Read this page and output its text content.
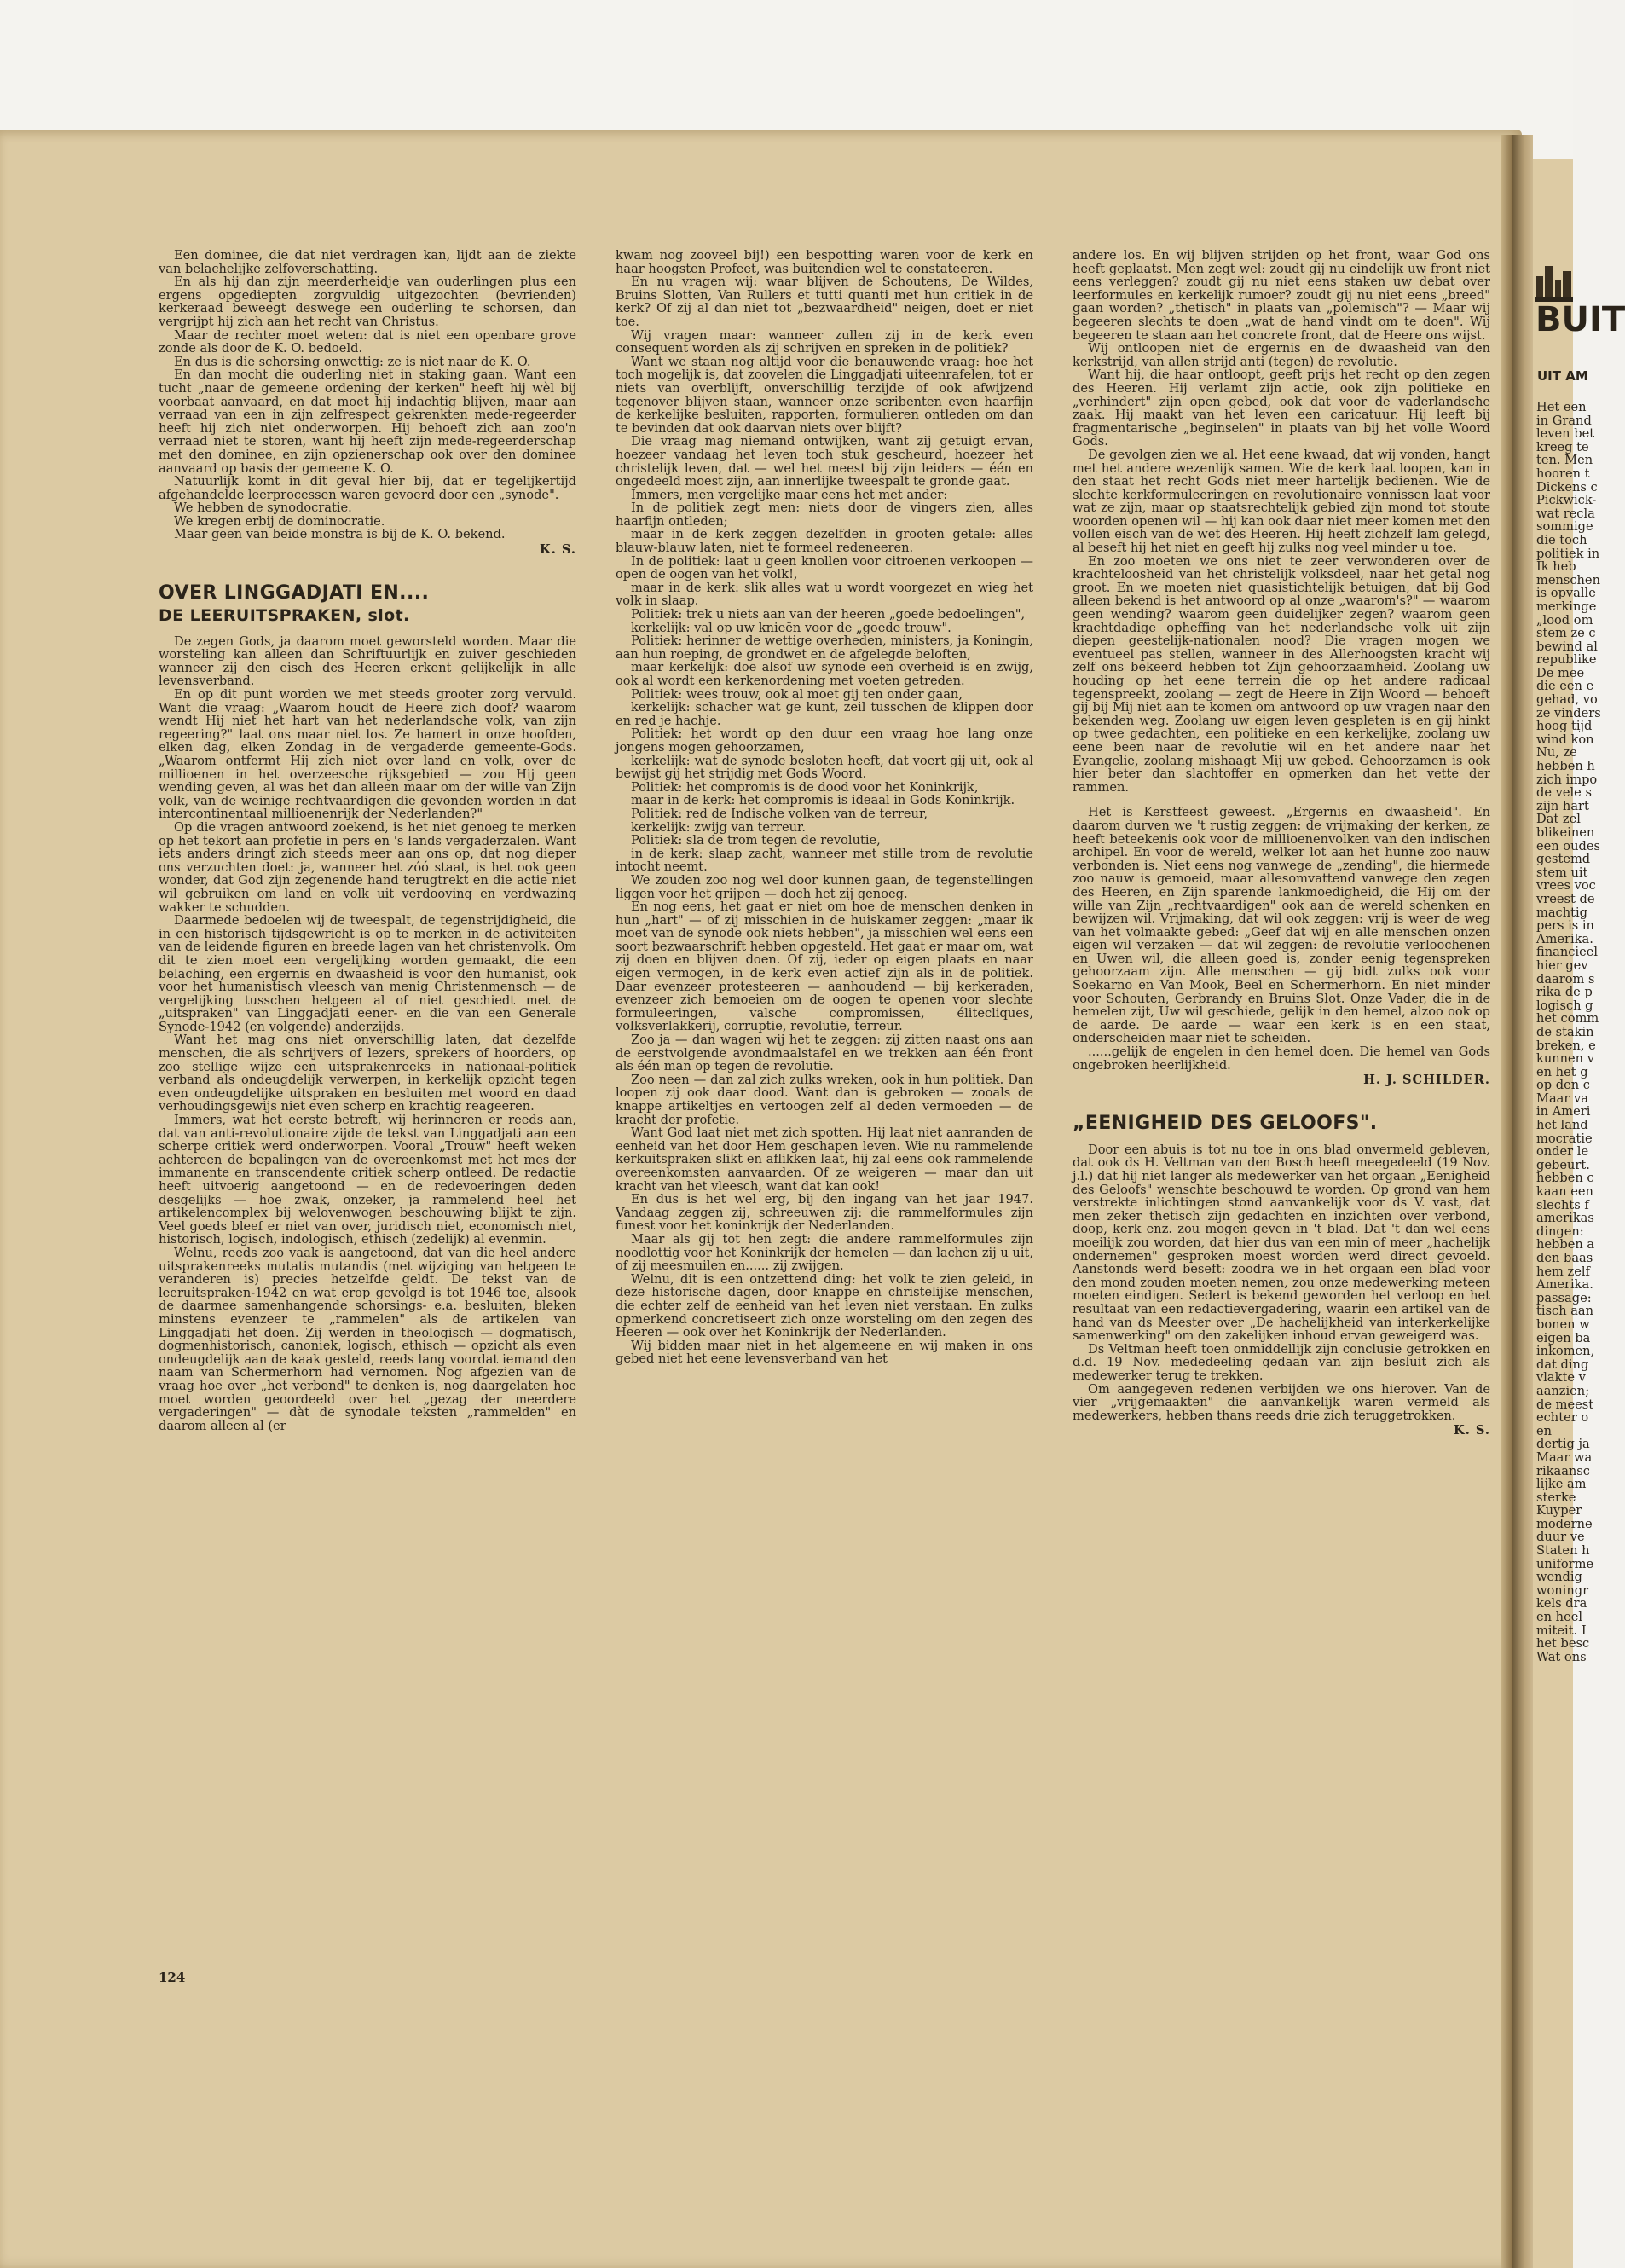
Een dominee, die dat niet verdragen kan, lijdt aan de ziekte van belachelijke zelfoverschatting.

En als hij dan zijn meerderheidje van ouderlingen plus een ergens opgediepten zorgvuldig uitgezochten (bevrienden) kerkeraad beweegt deswege een ouderling te schorsen, dan vergrijpt hij zich aan het recht van Christus.

Maar de rechter moet weten: dat is niet een openbare grove zonde als door de K. O. bedoeld.

En dus is die schorsing onwettig: ze is niet naar de K. O.

En dan mocht die ouderling niet in staking gaan. Want een tucht „naar de gemeene ordening der kerken" heeft hij wèl bij voorbaat aanvaard, en dat moet hij indachtig blijven, maar aan verraad van een in zijn zelfrespect gekrenkten mede-regeerder heeft hij zich niet onderworpen. Hij behoeft zich aan zoo'n verraad niet te storen, want hij heeft zijn mede-regeerderschap met den dominee, en zijn opzienerschap ook over den dominee aanvaard op basis der gemeene K. O.

Natuurlijk komt in dit geval hier bij, dat er tegelijkertijd afgehandelde leerprocessen waren gevoerd door een „synode".

We hebben de synodocratie.

We kregen erbij de dominocratie.

Maar geen van beide monstra is bij de K. O. bekend.

K. S.

OVER LINGGADJATI EN....
DE LEERUITSPRAKEN, slot.

De zegen Gods, ja daarom moet geworsteld worden. Maar die worsteling kan alleen dan Schriftuurlijk en zuiver geschieden wanneer zij den eisch des Heeren erkent gelijkelijk in alle levensverband.

En op dit punt worden we met steeds grooter zorg vervuld. Want die vraag: „Waarom houdt de Heere zich doof? waarom wendt Hij niet het hart van het nederlandsche volk, van zijn regeering?" laat ons maar niet los. Ze hamert in onze hoofden, elken dag, elken Zondag in de vergaderde gemeente-Gods. „Waarom ontfermt Hij zich niet over land en volk, over de millioenen in het overzeesche rijksgebied — zou Hij geen wending geven, al was het dan alleen maar om der wille van Zijn volk, van de weinige rechtvaardigen die gevonden worden in dat intercontinentaal millioenenrijk der Nederlanden?"

Op die vragen antwoord zoekend, is het niet genoeg te merken op het tekort aan profetie in pers en 's lands vergaderzalen. Want iets anders dringt zich steeds meer aan ons op, dat nog dieper ons verzuchten doet: ja, wanneer het zóó staat, is het ook geen wonder, dat God zijn zegenende hand terugtrekt en die actie niet wil gebruiken om land en volk uit verdooving en verdwazing wakker te schudden.

Daarmede bedoelen wij de tweespalt, de tegenstrijdigheid, die in een historisch tijdsgewricht is op te merken in de activiteiten van de leidende figuren en breede lagen van het christenvolk. Om dit te zien moet een vergelijking worden gemaakt, die een belaching, een ergernis en dwaasheid is voor den humanist, ook voor het humanistisch vleesch van menig Christenmensch — de vergelijking tusschen hetgeen al of niet geschiedt met de „uitspraken" van Linggadjati eener- en die van een Generale Synode-1942 (en volgende) anderzijds.

Want het mag ons niet onverschillig laten, dat dezelfde menschen, die als schrijvers of lezers, sprekers of hoorders, op zoo stellige wijze een uitsprakenreeks in nationaal-politiek verband als ondeugdelijk verwerpen, in kerkelijk opzicht tegen even ondeugdelijke uitspraken en besluiten met woord en daad verhoudingsgewijs niet even scherp en krachtig reageeren.

Immers, wat het eerste betreft, wij herinneren er reeds aan, dat van anti-revolutionaire zijde de tekst van Linggadjati aan een scherpe critiek werd onderworpen. Vooral „Trouw" heeft weken achtereen de bepalingen van de overeenkomst met het mes der immanente en transcendente critiek scherp ontleed. De redactie heeft uitvoerig aangetoond — en de redevoeringen deden desgelijks — hoe zwak, onzeker, ja rammelend heel het artikelencomplex bij welovenwogen beschouwing blijkt te zijn. Veel goeds bleef er niet van over, juridisch niet, economisch niet, historisch, logisch, indologisch, ethisch (zedelijk) al evenmin.

Welnu, reeds zoo vaak is aangetoond, dat van die heel andere uitsprakenreeks mutatis mutandis (met wijziging van hetgeen te veranderen is) precies hetzelfde geldt. De tekst van de leeruitspraken-1942 en wat erop gevolgd is tot 1946 toe, alsook de daarmee samenhangende schorsings- e.a. besluiten, bleken minstens evenzeer te „rammelen" als de artikelen van Linggadjati het doen. Zij werden in theologisch — dogmatisch, dogmenhistorisch, canoniek, logisch, ethisch — opzicht als even ondeugdelijk aan de kaak gesteld, reeds lang voordat iemand den naam van Schermerhorn had vernomen. Nog afgezien van de vraag hoe over „het verbond" te denken is, nog daargelaten hoe moet worden geoordeeld over het „gezag der meerdere vergaderingen" — dàt de synodale teksten „rammelden" en daarom alleen al (er

124

kwam nog zooveel bij!) een bespotting waren voor de kerk en haar hoogsten Profeet, was buitendien wel te constateeren.

En nu vragen wij: waar blijven de Schoutens, De Wildes, Bruins Slotten, Van Rullers et tutti quanti met hun critiek in de kerk? Of zij al dan niet tot „bezwaardheid" neigen, doet er niet toe.

Wij vragen maar: wanneer zullen zij in de kerk even consequent worden als zij schrijven en spreken in de politiek?

Want we staan nog altijd voor die benauwende vraag: hoe het toch mogelijk is, dat zoovelen die Linggadjati uiteenrafelen, tot er niets van overblijft, onverschillig terzijde of ook afwijzend tegenover blijven staan, wanneer onze scribenten even haarfijn de kerkelijke besluiten, rapporten, formulieren ontleden om dan te bevinden dat ook daarvan niets over blijft?

Die vraag mag niemand ontwijken, want zij getuigt ervan, hoezeer vandaag het leven toch stuk gescheurd, hoezeer het christelijk leven, dat — wel het meest bij zijn leiders — één en ongedeeld moest zijn, aan innerlijke tweespalt te gronde gaat.

Immers, men vergelijke maar eens het met ander:

In de politiek zegt men: niets door de vingers zien, alles haarfijn ontleden;

maar in de kerk zeggen dezelfden in grooten getale: alles blauw-blauw laten, niet te formeel redeneeren.

In de politiek: laat u geen knollen voor citroenen verkoopen — open de oogen van het volk!,

maar in de kerk: slik alles wat u wordt voorgezet en wieg het volk in slaap.

Politiek: trek u niets aan van der heeren „goede bedoelingen",

kerkelijk: val op uw knieën voor de „goede trouw".

Politiek: herinner de wettige overheden, ministers, ja Koningin, aan hun roeping, de grondwet en de afgelegde beloften,

maar kerkelijk: doe alsof uw synode een overheid is en zwijg, ook al wordt een kerkenordening met voeten getreden.

Politiek: wees trouw, ook al moet gij ten onder gaan,

kerkelijk: schacher wat ge kunt, zeil tusschen de klippen door en red je hachje.

Politiek: het wordt op den duur een vraag hoe lang onze jongens mogen gehoorzamen,

kerkelijk: wat de synode besloten heeft, dat voert gij uit, ook al bewijst gij het strijdig met Gods Woord.

Politiek: het compromis is de dood voor het Koninkrijk,

maar in de kerk: het compromis is ideaal in Gods Koninkrijk.

Politiek: red de Indische volken van de terreur,

kerkelijk: zwijg van terreur.

Politiek: sla de trom tegen de revolutie,

in de kerk: slaap zacht, wanneer met stille trom de revolutie intocht neemt.

We zouden zoo nog wel door kunnen gaan, de tegenstellingen liggen voor het grijpen — doch het zij genoeg.

En nog eens, het gaat er niet om hoe de menschen denken in hun „hart" — of zij misschien in de huiskamer zeggen: „maar ik moet van de synode ook niets hebben", ja misschien wel eens een soort bezwaarschrift hebben opgesteld. Het gaat er maar om, wat zij doen en blijven doen. Of zij, ieder op eigen plaats en naar eigen vermogen, in de kerk even actief zijn als in de politiek. Daar evenzeer protesteeren — aanhoudend — bij kerkeraden, evenzeer zich bemoeien om de oogen te openen voor slechte formuleeringen, valsche compromissen, élitecliques, volksverlakkerij, corruptie, revolutie, terreur.

Zoo ja — dan wagen wij het te zeggen: zij zitten naast ons aan de eerstvolgende avondmaalstafel en we trekken aan één front als één man op tegen de revolutie.

Zoo neen — dan zal zich zulks wreken, ook in hun politiek. Dan loopen zij ook daar dood. Want dan is gebroken — zooals de knappe artikeltjes en vertoogen zelf al deden vermoeden — de kracht der profetie.

Want God laat niet met zich spotten. Hij laat niet aanranden de eenheid van het door Hem geschapen leven. Wie nu rammelende kerkuitspraken slikt en aflikken laat, hij zal eens ook rammelende overeenkomsten aanvaarden. Of ze weigeren — maar dan uit kracht van het vleesch, want dat kan ook!

En dus is het wel erg, bij den ingang van het jaar 1947. Vandaag zeggen zij, schreeuwen zij: die rammelformules zijn funest voor het koninkrijk der Nederlanden.

Maar als gij tot hen zegt: die andere rammelformules zijn noodlottig voor het Koninkrijk der hemelen — dan lachen zij u uit, of zij meesmuilen en...... zij zwijgen.

Welnu, dit is een ontzettend ding: het volk te zien geleid, in deze historische dagen, door knappe en christelijke menschen, die echter zelf de eenheid van het leven niet verstaan. En zulks opmerkend concretiseert zich onze worsteling om den zegen des Heeren — ook over het Koninkrijk der Nederlanden.

Wij bidden maar niet in het algemeene en wij maken in ons gebed niet het eene levensverband van het

andere los. En wij blijven strijden op het front, waar God ons heeft geplaatst. Men zegt wel: zoudt gij nu eindelijk uw front niet eens verleggen? zoudt gij nu niet eens staken uw debat over leerformules en kerkelijk rumoer? zoudt gij nu niet eens „breed" gaan worden? „thetisch" in plaats van „polemisch"? — Maar wij begeeren slechts te doen „wat de hand vindt om te doen". Wij begeeren te staan aan het concrete front, dat de Heere ons wijst.

Wij ontloopen niet de ergernis en de dwaasheid van den kerkstrijd, van allen strijd anti (tegen) de revolutie.

Want hij, die haar ontloopt, geeft prijs het recht op den zegen des Heeren. Hij verlamt zijn actie, ook zijn politieke en „verhindert" zijn open gebed, ook dat voor de vaderlandsche zaak. Hij maakt van het leven een caricatuur. Hij leeft bij fragmentarische „beginselen" in plaats van bij het volle Woord Gods.

De gevolgen zien we al. Het eene kwaad, dat wij vonden, hangt met het andere wezenlijk samen. Wie de kerk laat loopen, kan in den staat het recht Gods niet meer hartelijk bedienen. Wie de slechte kerkformuleeringen en revolutionaire vonnissen laat voor wat ze zijn, maar op staatsrechtelijk gebied zijn mond tot stoute woorden openen wil — hij kan ook daar niet meer komen met den vollen eisch van de wet des Heeren. Hij heeft zichzelf lam gelegd, al beseft hij het niet en geeft hij zulks nog veel minder u toe.

En zoo moeten we ons niet te zeer verwonderen over de krachteloosheid van het christelijk volksdeel, naar het getal nog groot. En we moeten niet quasistichtelijk betuigen, dat bij God alleen bekend is het antwoord op al onze „waarom's?" — waarom geen wending? waarom geen duidelijker zegen? waarom geen krachtdadige opheffing van het nederlandsche volk uit zijn diepen geestelijk-nationalen nood? Die vragen mogen we eventueel pas stellen, wanneer in des Allerhoogsten kracht wij zelf ons bekeerd hebben tot Zijn gehoorzaamheid. Zoolang uw houding op het eene terrein die op het andere radicaal tegenspreekt, zoolang — zegt de Heere in Zijn Woord — behoeft gij bij Mij niet aan te komen om antwoord op uw vragen naar den bekenden weg. Zoolang uw eigen leven gespleten is en gij hinkt op twee gedachten, een politieke en een kerkelijke, zoolang uw eene been naar de revolutie wil en het andere naar het Evangelie, zoolang mishaagt Mij uw gebed. Gehoorzamen is ook hier beter dan slachtoffer en opmerken dan het vette der rammen.

Het is Kerstfeest geweest. „Ergernis en dwaasheid". En daarom durven we 't rustig zeggen: de vrijmaking der kerken, ze heeft beteekenis ook voor de millioenenvolken van den indischen archipel. En voor de wereld, welker lot aan het hunne zoo nauw verbonden is. Niet eens nog vanwege de „zending", die hiermede zoo nauw is gemoeid, maar allesomvattend vanwege den zegen des Heeren, en Zijn sparende lankmoedigheid, die Hij om der wille van Zijn „rechtvaardigen" ook aan de wereld schenken en bewijzen wil. Vrijmaking, dat wil ook zeggen: vrij is weer de weg van het volmaakte gebed: „Geef dat wij en alle menschen onzen eigen wil verzaken — dat wil zeggen: de revolutie verloochenen en Uwen wil, die alleen goed is, zonder eenig tegenspreken gehoorzaam zijn. Alle menschen — gij bidt zulks ook voor Soekarno en Van Mook, Beel en Schermerhorn. En niet minder voor Schouten, Gerbrandy en Bruins Slot. Onze Vader, die in de hemelen zijt, Uw wil geschiede, gelijk in den hemel, alzoo ook op de aarde. De aarde — waar een kerk is en een staat, onderscheiden maar niet te scheiden.

......gelijk de engelen in den hemel doen. Die hemel van Gods ongebroken heerlijkheid.

H. J. SCHILDER.

„EENIGHEID DES GELOOFS".

Door een abuis is tot nu toe in ons blad onvermeld gebleven, dat ook ds H. Veltman van den Bosch heeft meegedeeld (19 Nov. j.l.) dat hij niet langer als medewerker van het orgaan „Eenigheid des Geloofs" wenschte beschouwd te worden. Op grond van hem verstrekte inlichtingen stond aanvankelijk voor ds V. vast, dat men zeker thetisch zijn gedachten en inzichten over verbond, doop, kerk enz. zou mogen geven in 't blad. Dat 't dan wel eens moeilijk zou worden, dat hier dus van een min of meer „hachelijk ondernemen" gesproken moest worden werd direct gevoeld. Aanstonds werd beseft: zoodra we in het orgaan een blad voor den mond zouden moeten nemen, zou onze medewerking meteen moeten eindigen. Sedert is bekend geworden het verloop en het resultaat van een redactievergadering, waarin een artikel van de hand van ds Meester over „De hachelijkheid van interkerkelijke samenwerking" om den zakelijken inhoud ervan geweigerd was.

Ds Veltman heeft toen onmiddellijk zijn conclusie getrokken en d.d. 19 Nov. mededeeling gedaan van zijn besluit zich als medewerker terug te trekken.

Om aangegeven redenen verbijden we ons hierover. Van de vier „vrijgemaakten" die aanvankelijk waren vermeld als medewerkers, hebben thans reeds drie zich teruggetrokken.

K. S.

BUIT
UIT AM
Het een
in Grand
leven bet
kreeg te
ten. Men
hooren t
Dickens c
Pickwick-
wat recla
sommige
die toch
politiek in
Ik heb
menschen
is opvalle
merkinge
„lood om
stem ze c
bewind al
republike
De mee
die een e
gehad, vo
ze vinders
hoog tijd
wind kon
Nu, ze
hebben h
zich impo
de vele s
zijn hart
Dat zel
blikeinen
een oudes
gestemd
stem uit
vrees voc
vreest de
machtig
pers is in
Amerika.
financieel
hier gev
daarom s
rika de p
logisch g
het comm
de stakin
breken, e
kunnen v
en het g
op den c
Maar va
in Ameri
het land
mocratie
onder le
gebeurt.
hebben c
kaan een
slechts f
amerikas
dingen:
hebben a
den baas
hem zelf
Amerika.
passage:
tisch aan
bonen w
eigen ba
inkomen,
dat ding
vlakte v
aanzien;
de meest
echter o
en
dertig ja
Maar wa
rikaansc
lijke am
sterke
Kuyper
moderne
duur ve
Staten h
uniforme
wendig
woningr
kels dra
en heel
miteit. I
het besc
Wat ons
